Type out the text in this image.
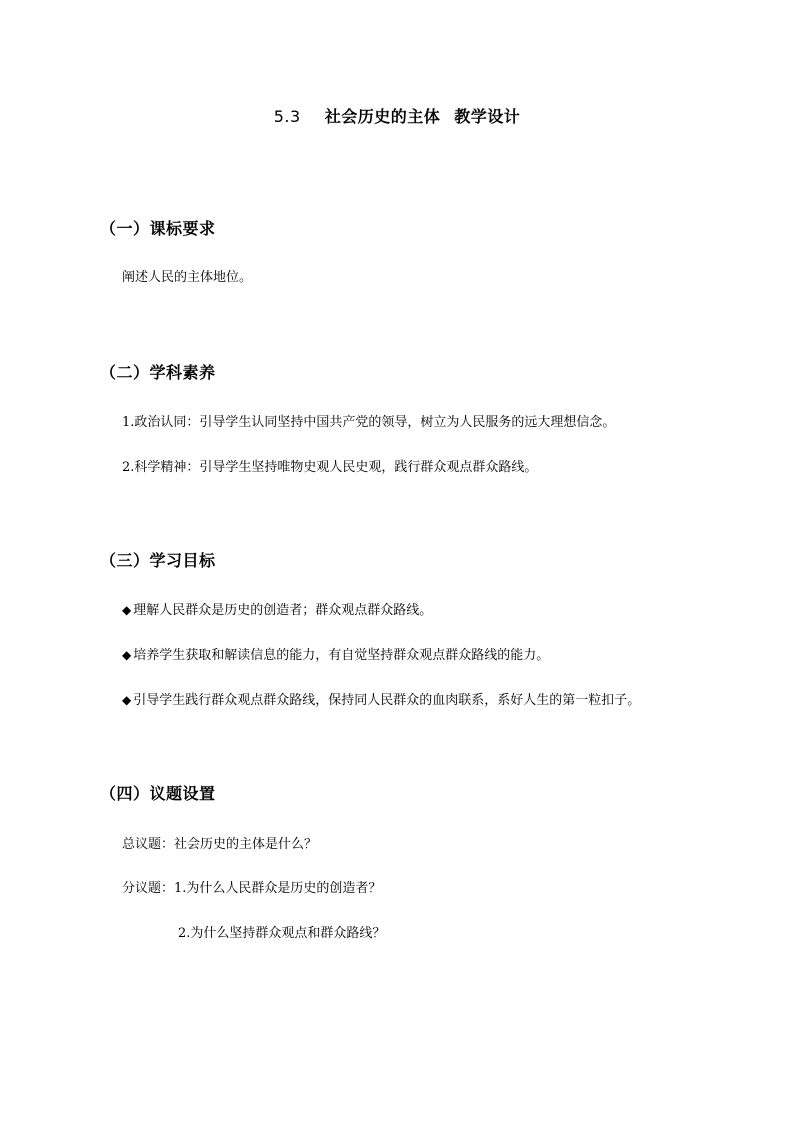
5.3 社会历史的主体 教学设计
（一）课标要求
阐述人民的主体地位。
（二）学科素养
1.政治认同：引导学生认同坚持中国共产党的领导，树立为人民服务的远大理想信念。
2.科学精神：引导学生坚持唯物史观人民史观，践行群众观点群众路线。
（三）学习目标
◆ 理解人民群众是历史的创造者；群众观点群众路线。
◆ 培养学生获取和解读信息的能力，有自觉坚持群众观点群众路线的能力。
◆ 引导学生践行群众观点群众路线，保持同人民群众的血肉联系，系好人生的第一粒扣子。
（四）议题设置
总议题：社会历史的主体是什么？
分议题：1.为什么人民群众是历史的创造者？
2.为什么坚持群众观点和群众路线？
